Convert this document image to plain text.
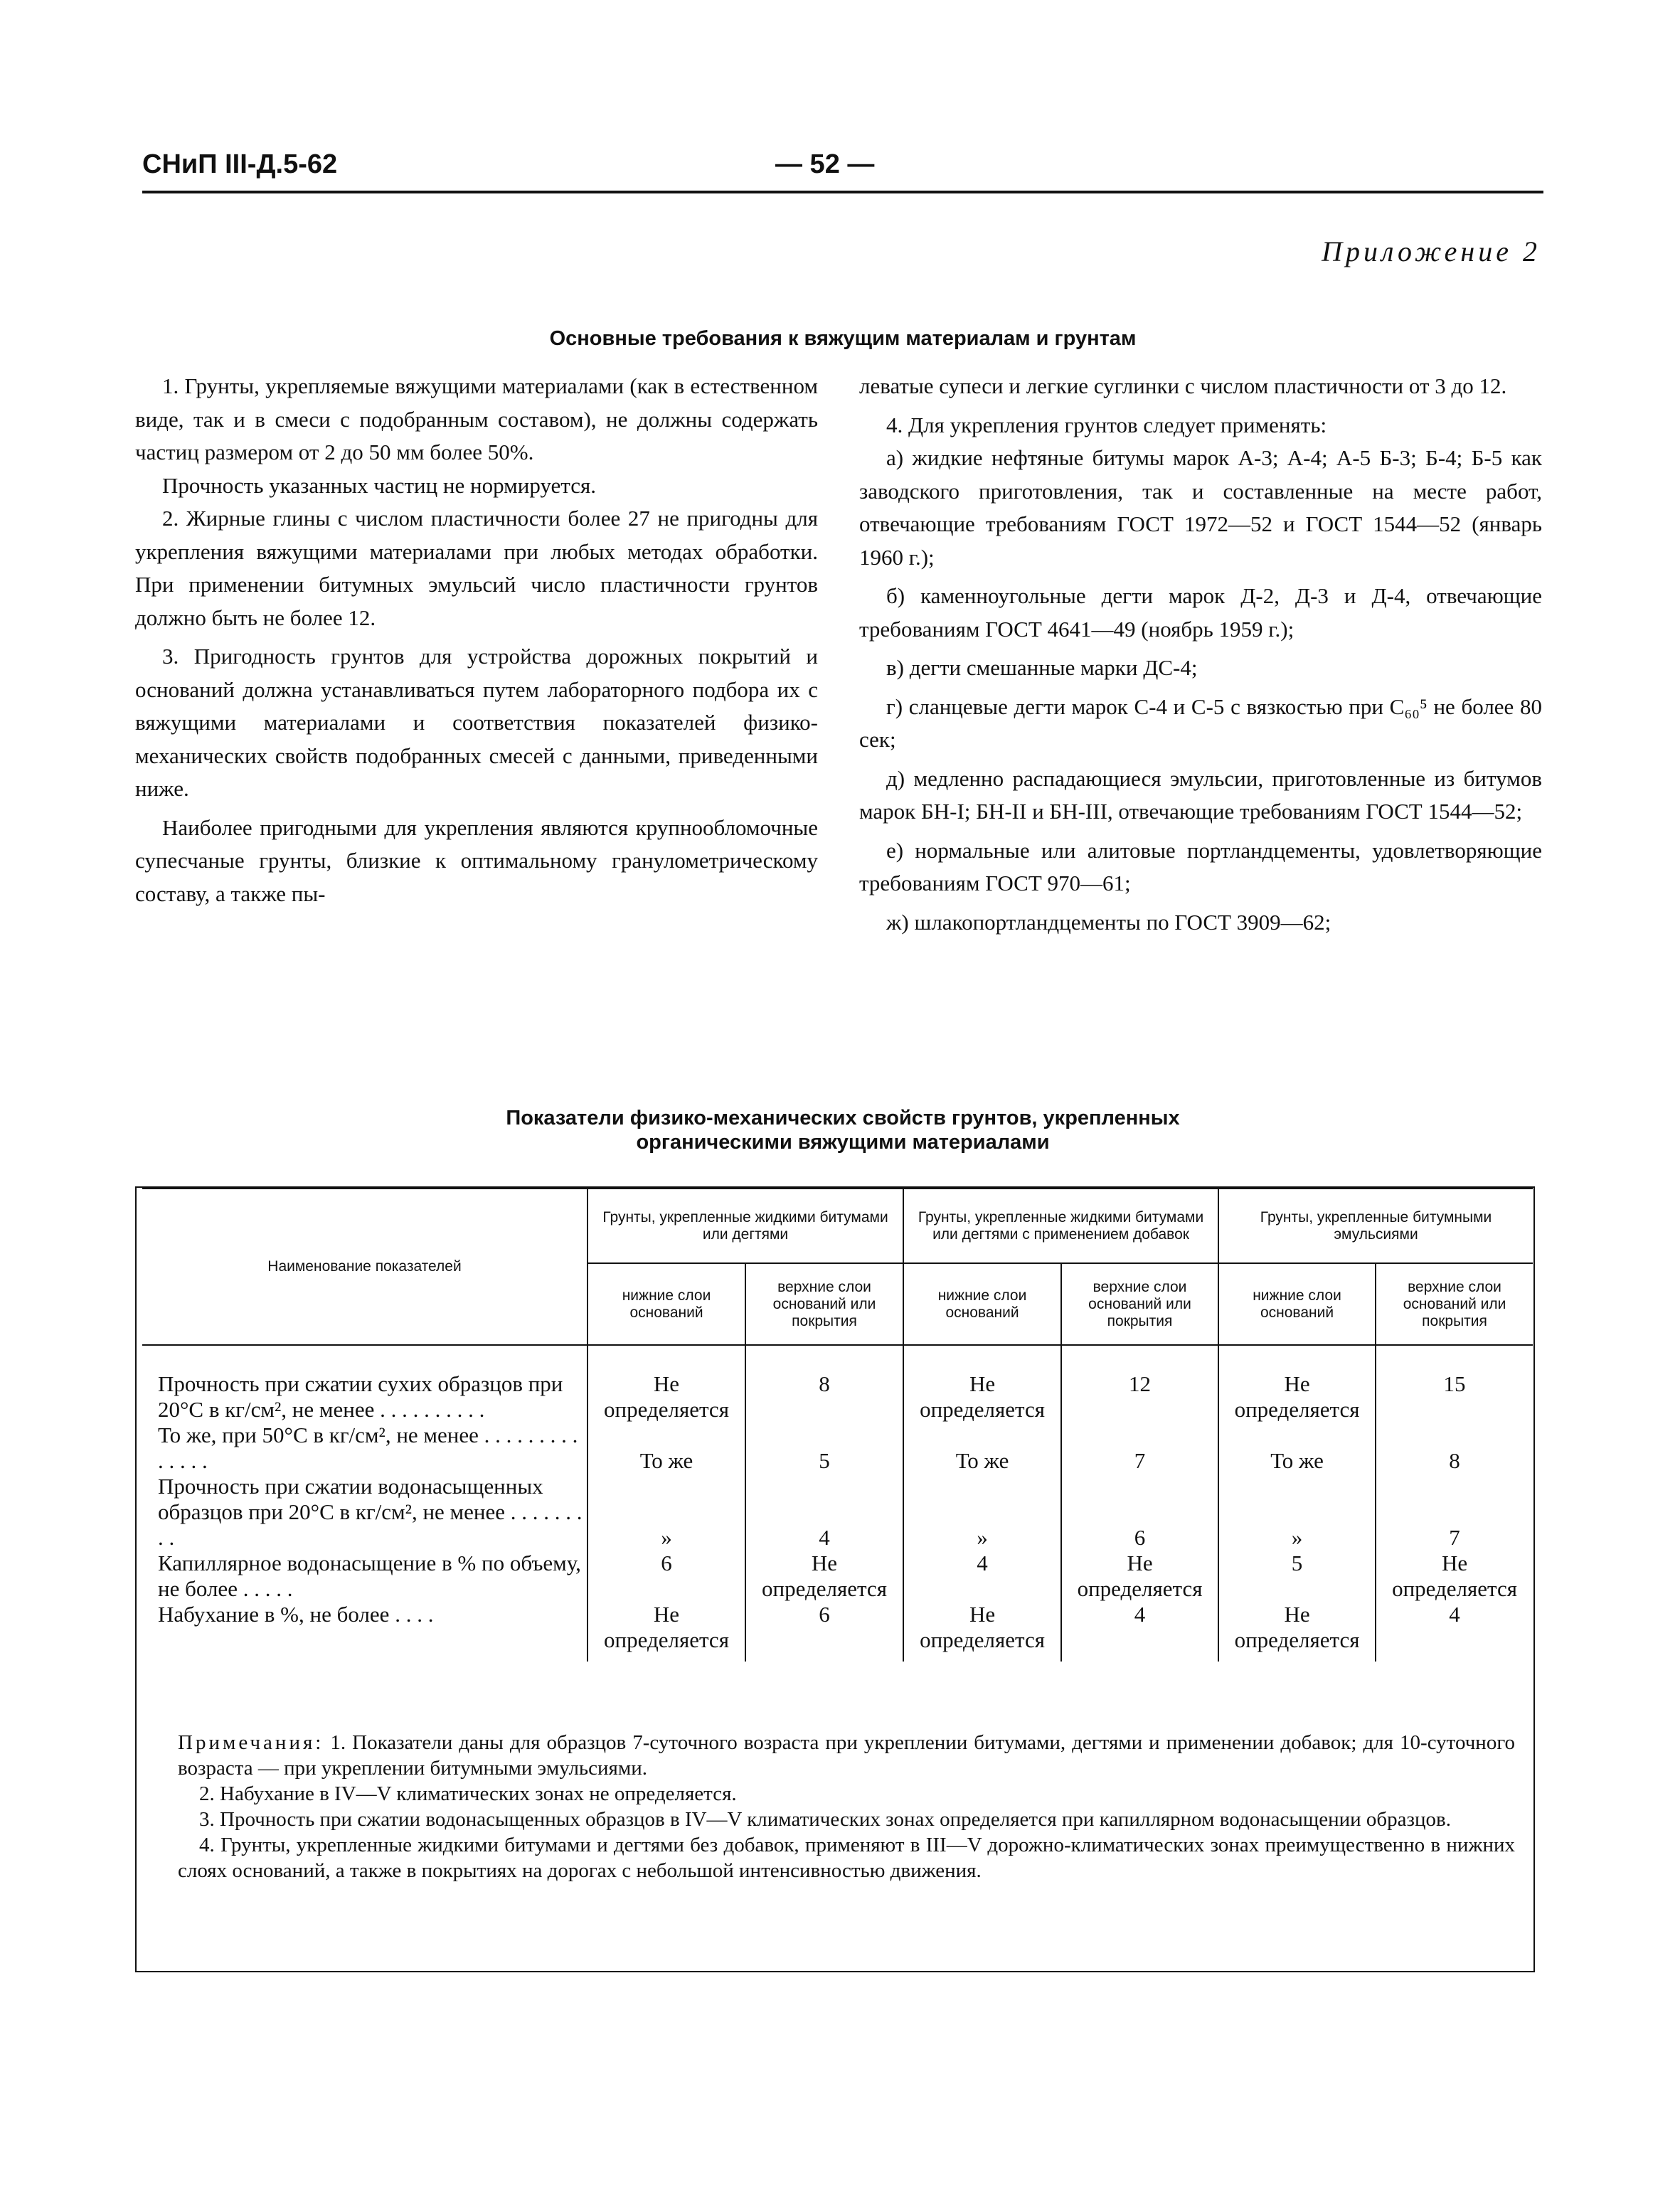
СНиП III-Д.5-62	— 52 —
Приложение 2
Основные требования к вяжущим материалам и грунтам

1. Грунты, укрепляемые вяжущими материалами (как в естественном виде, так и в смеси с подобранным составом), не должны содержать частиц размером от 2 до 50 мм более 50%.

Прочность указанных частиц не нормируется.

2. Жирные глины с числом пластичности более 27 не пригодны для укрепления вяжущими материалами при любых методах обработки. При применении битумных эмульсий число пластичности грунтов должно быть не более 12.

3. Пригодность грунтов для устройства дорожных покрытий и оснований должна устанавливаться путем лабораторного подбора их с вяжущими материалами и соответствия показателей физико-механических свойств подобранных смесей с данными, приведенными ниже.

Наиболее пригодными для укрепления являются крупнообломочные супесчаные грунты, близкие к оптимальному гранулометрическому составу, а также пы-

леватые супеси и легкие суглинки с числом пластичности от 3 до 12.

4. Для укрепления грунтов следует применять:

а) жидкие нефтяные битумы марок А-3; А-4; А-5 Б-3; Б-4; Б-5 как заводского приготовления, так и составленные на месте работ, отвечающие требованиям ГОСТ 1972—52 и ГОСТ 1544—52 (январь 1960 г.);

б) каменноугольные дегти марок Д-2, Д-3 и Д-4, отвечающие требованиям ГОСТ 4641—49 (ноябрь 1959 г.);

в) дегти смешанные марки ДС-4;

г) сланцевые дегти марок С-4 и С-5 с вязкостью при C₆₀⁵ не более 80 сек;

д) медленно распадающиеся эмульсии, приготовленные из битумов марок БН-I; БН-II и БН-III, отвечающие требованиям ГОСТ 1544—52;

е) нормальные или алитовые портландцементы, удовлетворяющие требованиям ГОСТ 970—61;

ж) шлакопортландцементы по ГОСТ 3909—62;

Показатели физико-механических свойств грунтов, укрепленных
органическими вяжущими материалами
Наименование показателей	Грунты, укрепленные жидкими битумами или дегтями		Грунты, укрепленные жидкими битумами или дегтями с применением добавок		Грунты, укрепленные битумными эмульсиями	
	нижние слои оснований	верхние слои оснований или покрытия	нижние слои оснований	верхние слои оснований или покрытия	нижние слои оснований	верхние слои оснований или покрытия
Прочность при сжатии сухих образцов при 20°С в кг/см², не менее . . . . . . . . . .	Не определяется	8	Не определяется	12	Не определяется	15
То же, при 50°С в кг/см², не менее . . . . . . . . . . . . . .	То же	5	То же	7	То же	8
Прочность при сжатии водонасыщенных образцов при 20°С в кг/см², не менее . . . . . . . . .	»	4	»	6	»	7
Капиллярное водонасыщение в % по объему, не более . . . . .	6	Не определяется	4	Не определяется	5	Не определяется
Набухание в %, не более . . . .	Не определяется	6	Не определяется	4	Не определяется	4

Примечания: 1. Показатели даны для образцов 7-суточного возраста при укреплении битумами, дегтями и применении добавок; для 10-суточного возраста — при укреплении битумными эмульсиями.

2. Набухание в IV—V климатических зонах не определяется.

3. Прочность при сжатии водонасыщенных образцов в IV—V климатических зонах определяется при капиллярном водонасыщении образцов.

4. Грунты, укрепленные жидкими битумами и дегтями без добавок, применяют в III—V дорожно-климатических зонах преимущественно в нижних слоях оснований, а также в покрытиях на дорогах с небольшой интенсивностью движения.
